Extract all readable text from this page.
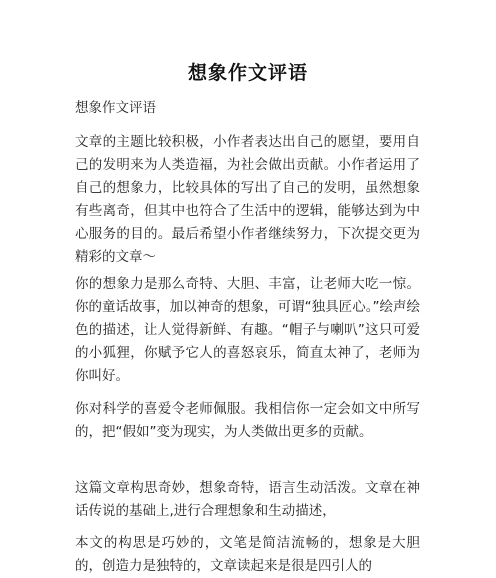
想象作文评语
想象作文评语

文章的主题比较积极，小作者表达出自己的愿望，要用自己的发明来为人类造福，为社会做出贡献。小作者运用了自己的想象力，比较具体的写出了自己的发明，虽然想象有些离奇，但其中也符合了生活中的逻辑，能够达到为中心服务的目的。最后希望小作者继续努力，下次提交更为精彩的文章～

你的想象力是那么奇特、大胆、丰富，让老师大吃一惊。你的童话故事，加以神奇的想象，可谓“独具匠心。”绘声绘色的描述，让人觉得新鲜、有趣。“帽子与喇叭”这只可爱的小狐狸，你赋予它人的喜怒哀乐，简直太神了，老师为你叫好。

你对科学的喜爱令老师佩服。我相信你一定会如文中所写的，把“假如”变为现实，为人类做出更多的贡献。

这篇文章构思奇妙，想象奇特，语言生动活泼。文章在神话传说的基础上,进行合理想象和生动描述，

本文的构思是巧妙的，文笔是简洁流畅的，想象是大胆的，创造力是独特的，文章读起来是很是四引人的
